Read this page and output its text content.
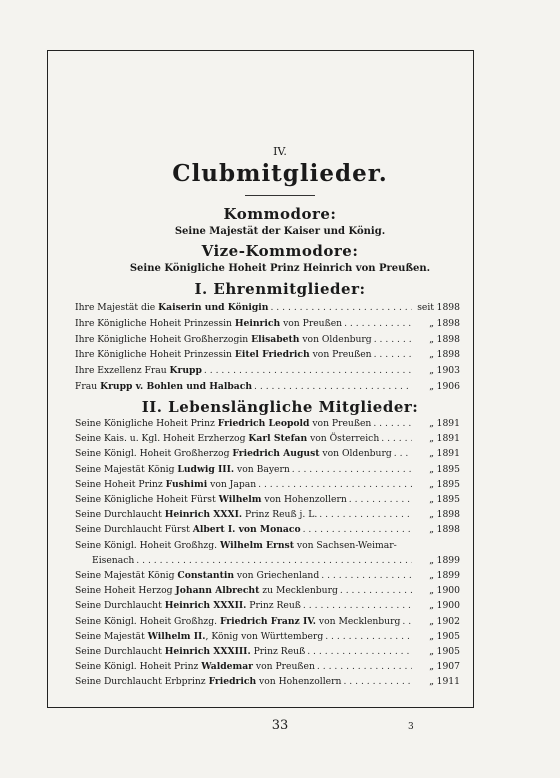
IV.
Clubmitglieder.
Kommodore:
Seine Majestät der Kaiser und König.
Vize-Kommodore:
Seine Königliche Hoheit Prinz Heinrich von Preußen.
I. Ehrenmitglieder:
Ihre Majestät die Kaiserin und Königin . . .	seit 1898
Ihre Königliche Hoheit Prinzessin Heinrich von Preußen . . .	„ 1898
Ihre Königliche Hoheit Großherzogin Elisabeth von Oldenburg . . .	„ 1898
Ihre Königliche Hoheit Prinzessin Eitel Friedrich von Preußen . . .	„ 1898
Ihre Exzellenz Frau Krupp . . .	„ 1903
Frau Krupp v. Bohlen und Halbach . . .	„ 1906
II. Lebenslängliche Mitglieder:
Seine Königliche Hoheit Prinz Friedrich Leopold von Preußen . . .	„ 1891
Seine Kais. u. Kgl. Hoheit Erzherzog Karl Stefan von Österreich . . .	„ 1891
Seine Königl. Hoheit Großherzog Friedrich August von Oldenburg . . .	„ 1891
Seine Majestät König Ludwig III. von Bayern . . .	„ 1895
Seine Hoheit Prinz Fushimi von Japan . . .	„ 1895
Seine Königliche Hoheit Fürst Wilhelm von Hohenzollern . . .	„ 1895
Seine Durchlaucht Heinrich XXXI. Prinz Reuß j. L. . . .	„ 1898
Seine Durchlaucht Fürst Albert I. von Monaco . . .	„ 1898
Seine Königl. Hoheit Großhzg. Wilhelm Ernst von Sachsen-Weimar-
Eisenach . . .	„ 1899
Seine Majestät König Constantin von Griechenland . . .	„ 1899
Seine Hoheit Herzog Johann Albrecht zu Mecklenburg . . .	„ 1900
Seine Durchlaucht Heinrich XXXII. Prinz Reuß . . .	„ 1900
Seine Königl. Hoheit Großhzg. Friedrich Franz IV. von Mecklenburg . . .	„ 1902
Seine Majestät Wilhelm II., König von Württemberg . . .	„ 1905
Seine Durchlaucht Heinrich XXXIII. Prinz Reuß . . .	„ 1905
Seine Königl. Hoheit Prinz Waldemar von Preußen . . .	„ 1907
Seine Durchlaucht Erbprinz Friedrich von Hohenzollern . . .	„ 1911
33	3
